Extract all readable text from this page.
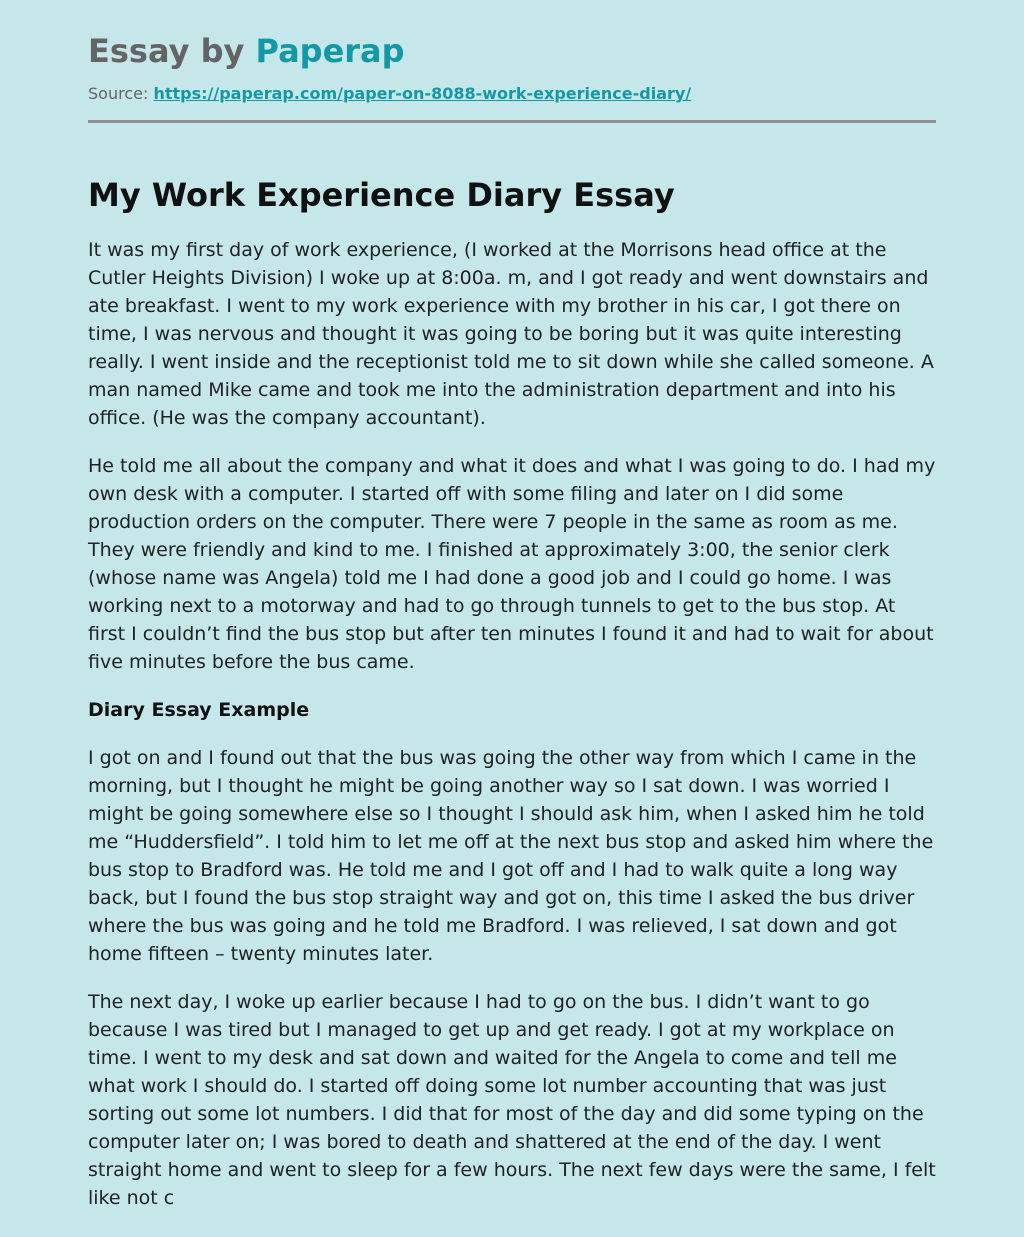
Essay by Paperap
Source: https://paperap.com/paper-on-8088-work-experience-diary/
My Work Experience Diary Essay

It was my first day of work experience, (I worked at the Morrisons head office at the Cutler Heights Division) I woke up at 8:00a. m, and I got ready and went downstairs and ate breakfast. I went to my work experience with my brother in his car, I got there on time, I was nervous and thought it was going to be boring but it was quite interesting really. I went inside and the receptionist told me to sit down while she called someone. A man named Mike came and took me into the administration department and into his office. (He was the company accountant).

He told me all about the company and what it does and what I was going to do. I had my own desk with a computer. I started off with some filing and later on I did some production orders on the computer. There were 7 people in the same as room as me. They were friendly and kind to me. I finished at approximately 3:00, the senior clerk (whose name was Angela) told me I had done a good job and I could go home. I was working next to a motorway and had to go through tunnels to get to the bus stop. At first I couldn’t find the bus stop but after ten minutes I found it and had to wait for about five minutes before the bus came.

Diary Essay Example

I got on and I found out that the bus was going the other way from which I came in the morning, but I thought he might be going another way so I sat down. I was worried I might be going somewhere else so I thought I should ask him, when I asked him he told me “Huddersfield”. I told him to let me off at the next bus stop and asked him where the bus stop to Bradford was. He told me and I got off and I had to walk quite a long way back, but I found the bus stop straight way and got on, this time I asked the bus driver where the bus was going and he told me Bradford. I was relieved, I sat down and got home fifteen – twenty minutes later.

The next day, I woke up earlier because I had to go on the bus. I didn’t want to go because I was tired but I managed to get up and get ready. I got at my workplace on time. I went to my desk and sat down and waited for the Angela to come and tell me what work I should do. I started off doing some lot number accounting that was just sorting out some lot numbers. I did that for most of the day and did some typing on the computer later on; I was bored to death and shattered at the end of the day. I went straight home and went to sleep for a few hours. The next few days were the same, I felt like not c
